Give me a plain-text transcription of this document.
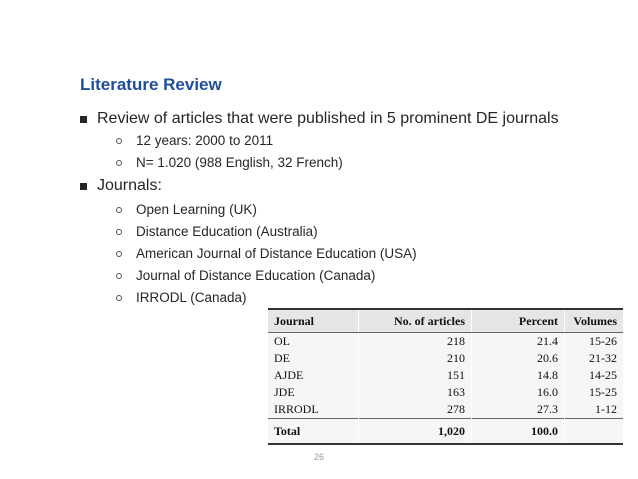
Literature Review
Review of articles that were published in 5 prominent DE journals
12 years: 2000 to 2011
N= 1.020 (988 English, 32 French)
Journals:
Open Learning (UK)
Distance Education (Australia)
American Journal of Distance Education (USA)
Journal of Distance Education (Canada)
IRRODL (Canada)
Journal	No. of articles	Percent	Volumes
OL	218	21.4	15-26
DE	210	20.6	21-32
AJDE	151	14.8	14-25
JDE	163	16.0	15-25
IRRODL	278	27.3	1-12
Total	1,020	100.0	
26
